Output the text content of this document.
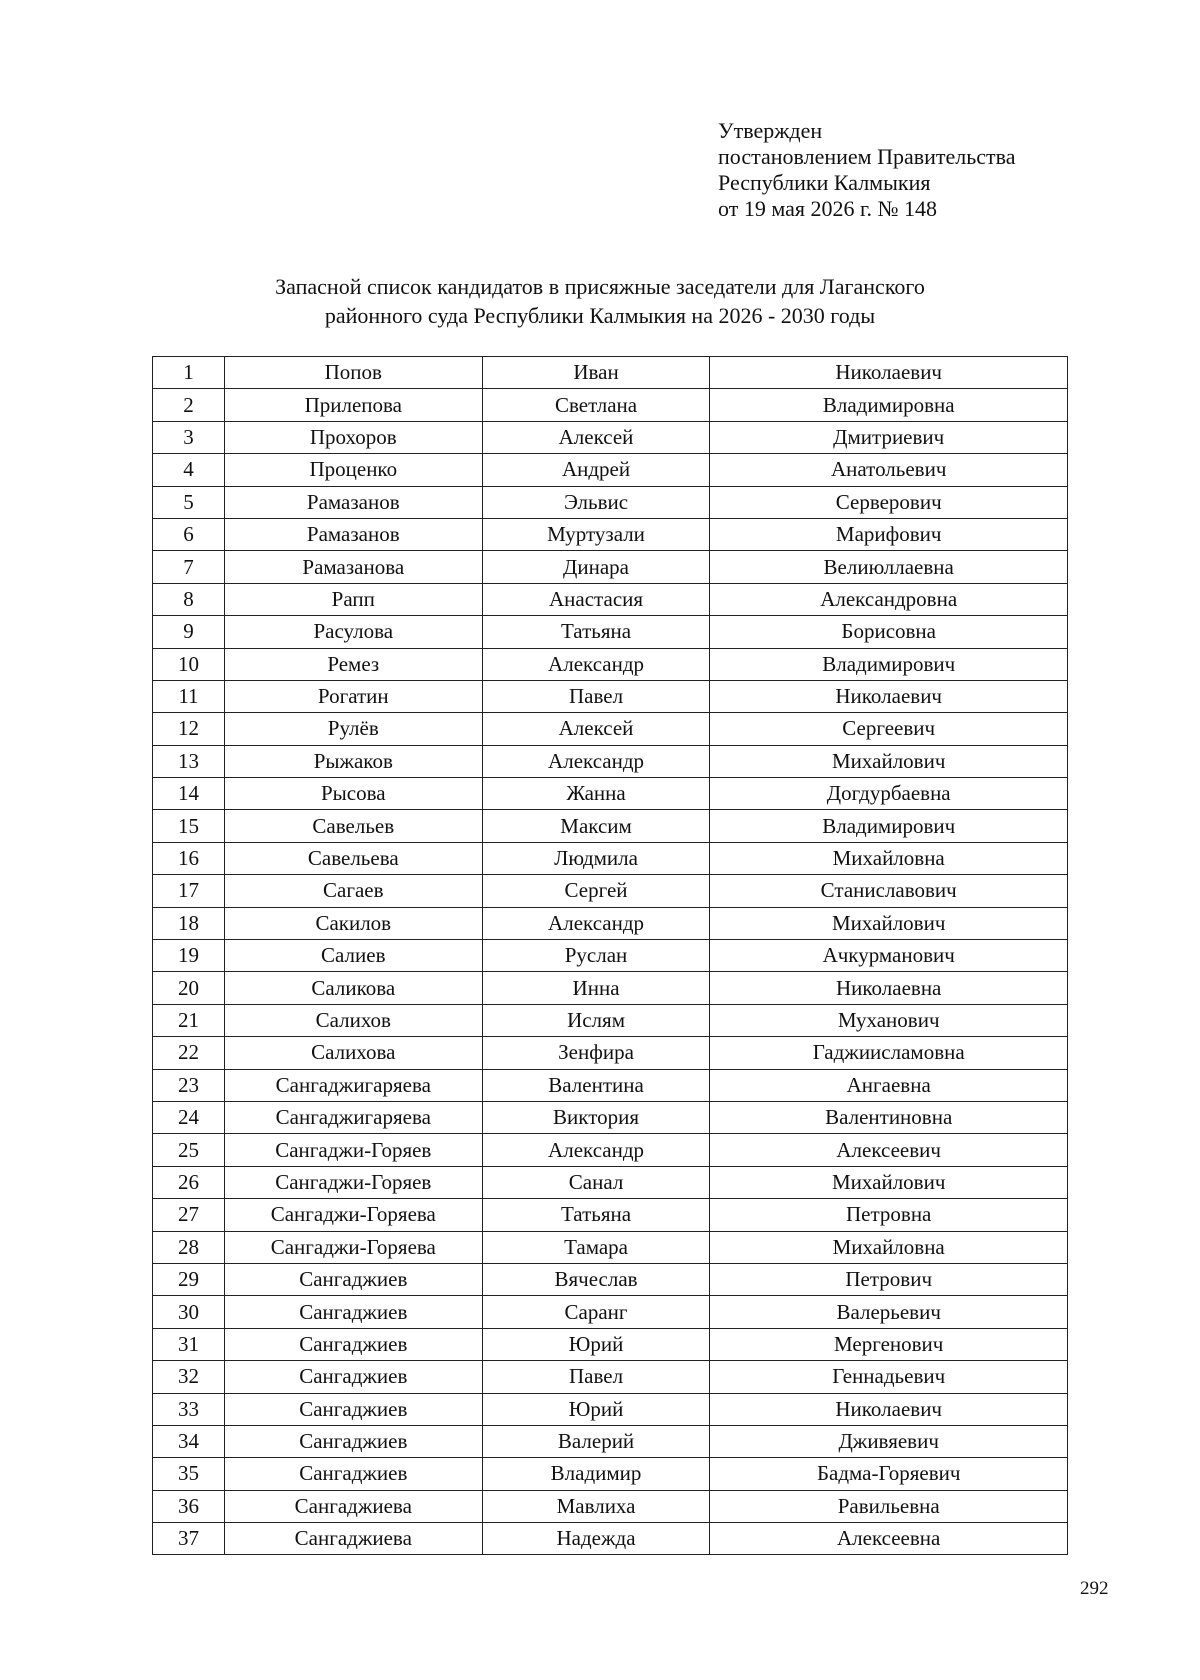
Утвержден
постановлением Правительства
Республики Калмыкия
от 19 мая 2026 г. № 148
Запасной список кандидатов в присяжные заседатели для Лаганского
районного суда Республики Калмыкия на 2026 - 2030 годы
1	Попов	Иван	Николаевич
2	Прилепова	Светлана	Владимировна
3	Прохоров	Алексей	Дмитриевич
4	Проценко	Андрей	Анатольевич
5	Рамазанов	Эльвис	Серверович
6	Рамазанов	Муртузали	Марифович
7	Рамазанова	Динара	Велиюллаевна
8	Рапп	Анастасия	Александровна
9	Расулова	Татьяна	Борисовна
10	Ремез	Александр	Владимирович
11	Рогатин	Павел	Николаевич
12	Рулёв	Алексей	Сергеевич
13	Рыжаков	Александр	Михайлович
14	Рысова	Жанна	Догдурбаевна
15	Савельев	Максим	Владимирович
16	Савельева	Людмила	Михайловна
17	Сагаев	Сергей	Станиславович
18	Сакилов	Александр	Михайлович
19	Салиев	Руслан	Ачкурманович
20	Саликова	Инна	Николаевна
21	Салихов	Ислям	Муханович
22	Салихова	Зенфира	Гаджиисламовна
23	Сангаджигаряева	Валентина	Ангаевна
24	Сангаджигаряева	Виктория	Валентиновна
25	Сангаджи-Горяев	Александр	Алексеевич
26	Сангаджи-Горяев	Санал	Михайлович
27	Сангаджи-Горяева	Татьяна	Петровна
28	Сангаджи-Горяева	Тамара	Михайловна
29	Сангаджиев	Вячеслав	Петрович
30	Сангаджиев	Саранг	Валерьевич
31	Сангаджиев	Юрий	Мергенович
32	Сангаджиев	Павел	Геннадьевич
33	Сангаджиев	Юрий	Николаевич
34	Сангаджиев	Валерий	Дживяевич
35	Сангаджиев	Владимир	Бадма-Горяевич
36	Сангаджиева	Мавлиха	Равильевна
37	Сангаджиева	Надежда	Алексеевна
292
